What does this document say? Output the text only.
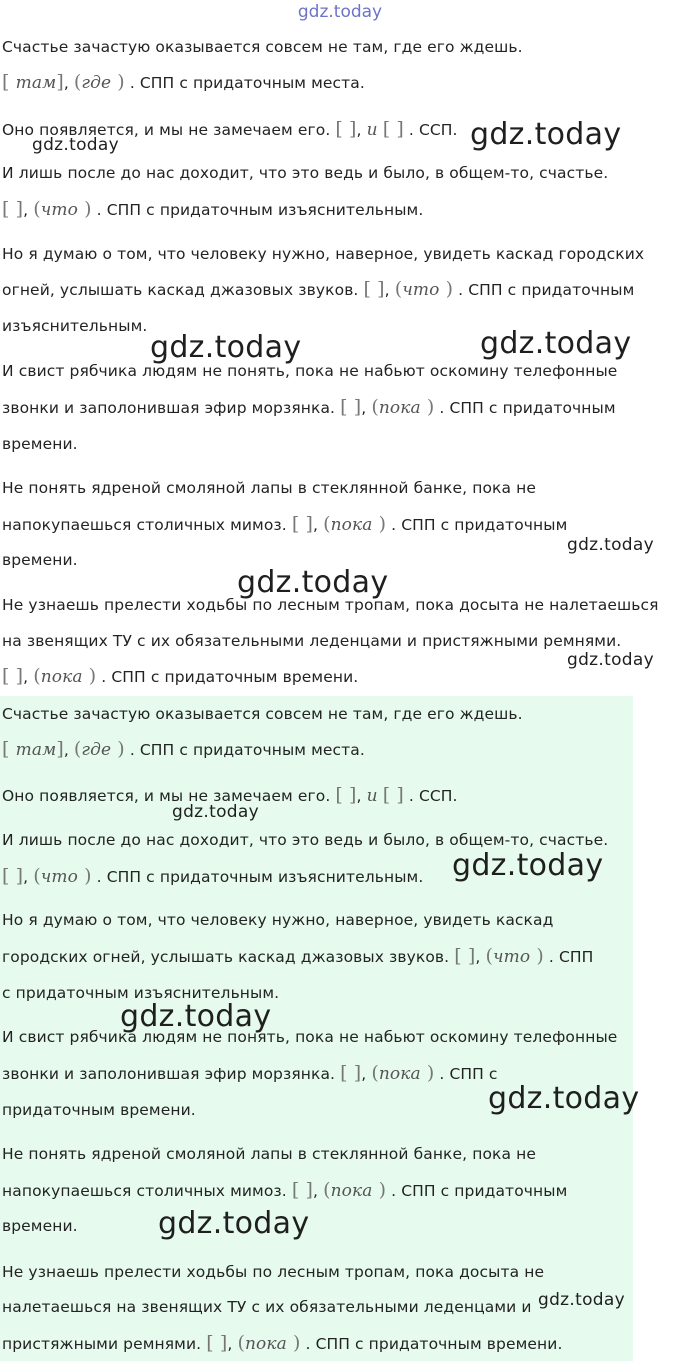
gdz.today
Счастье зачастую оказывается совсем не там, где его ждешь.
[ там], (где ) . СПП с придаточным места.
Оно появляется, и мы не замечаем его. [ ], и [ ] . ССП.
И лишь после до нас доходит, что это ведь и было, в общем-то, счастье.
[ ], (что ) . СПП с придаточным изъяснительным.
Но я думаю о том, что человеку нужно, наверное, увидеть каскад городских
огней, услышать каскад джазовых звуков. [ ], (что ) . СПП с придаточным
изъяснительным.
И свист рябчика людям не понять, пока не набьют оскомину телефонные
звонки и заполонившая эфир морзянка. [ ], (пока ) . СПП с придаточным
времени.
Не понять ядреной смоляной лапы в стеклянной банке, пока не
напокупаешься столичных мимоз. [ ], (пока ) . СПП с придаточным
времени.
Не узнаешь прелести ходьбы по лесным тропам, пока досыта не налетаешься
на звенящих ТУ с их обязательными леденцами и пристяжными ремнями.
[ ], (пока ) . СПП с придаточным времени.
Счастье зачастую оказывается совсем не там, где его ждешь.
[ там], (где ) . СПП с придаточным места.
Оно появляется, и мы не замечаем его. [ ], и [ ] . ССП.
И лишь после до нас доходит, что это ведь и было, в общем-то, счастье.
[ ], (что ) . СПП с придаточным изъяснительным.
Но я думаю о том, что человеку нужно, наверное, увидеть каскад
городских огней, услышать каскад джазовых звуков. [ ], (что ) . СПП
с придаточным изъяснительным.
И свист рябчика людям не понять, пока не набьют оскомину телефонные
звонки и заполонившая эфир морзянка. [ ], (пока ) . СПП с
придаточным времени.
Не понять ядреной смоляной лапы в стеклянной банке, пока не
напокупаешься столичных мимоз. [ ], (пока ) . СПП с придаточным
времени.
Не узнаешь прелести ходьбы по лесным тропам, пока досыта не
налетаешься на звенящих ТУ с их обязательными леденцами и
пристяжными ремнями. [ ], (пока ) . СПП с придаточным времени.
gdz.today
gdz.today
gdz.today	gdz.today
gdz.today
gdz.today
gdz.today
gdz.today
gdz.today
gdz.today
gdz.today
gdz.today
gdz.today
